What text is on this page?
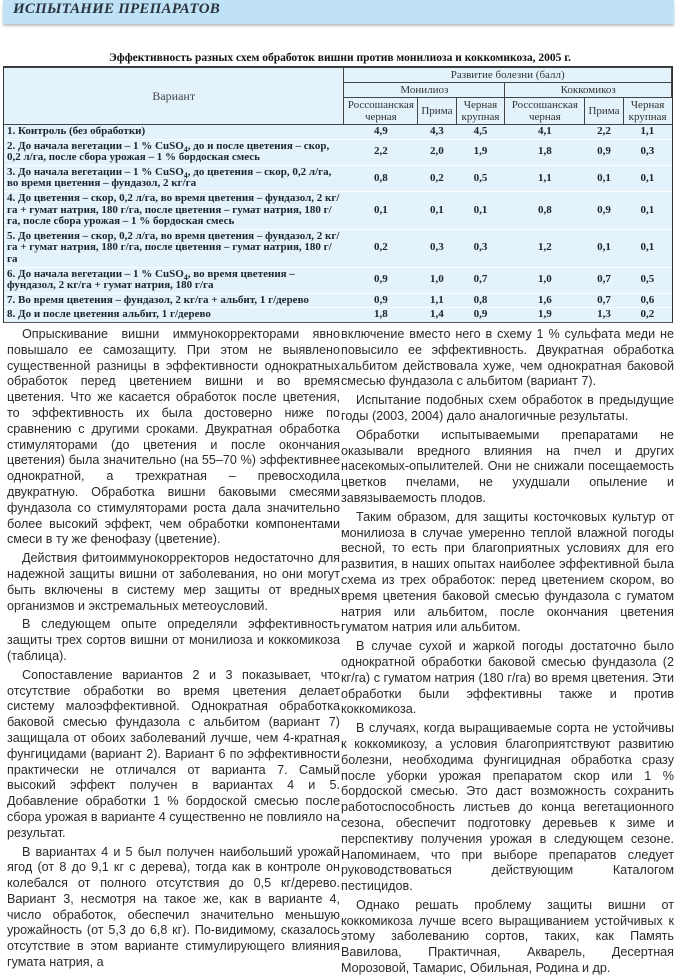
ИСПЫТАНИЕ ПРЕПАРАТОВ
Эффективность разных схем обработок вишни против монилиоза и коккомикоза, 2005 г.
Вариант	Развитие болезни (балл)					
	Монилиоз			Коккомикоз		
	Россошанская черная	Прима	Черная крупная	Россошанская черная	Прима	Черная крупная
1. Контроль (без обработки)	4,9	4,3	4,5	4,1	2,2	1,1
2. До начала вегетации – 1 % CuSO$_4$, до и после цветения – скор, 0,2 л/га, после сбора урожая – 1 % бордоская смесь	2,2	2,0	1,9	1,8	0,9	0,3
3. До начала вегетации – 1 % CuSO$_4$, до цветения – скор, 0,2 л/га, во время цветения – фундазол, 2 кг/га	0,8	0,2	0,5	1,1	0,1	0,1
4. До цветения – скор, 0,2 л/га, во время цветения – фундазол, 2 кг/га + гумат натрия, 180 г/га, после цветения – гумат натрия, 180 г/га, после сбора урожая – 1 % бордоская смесь	0,1	0,1	0,1	0,8	0,9	0,1
5. До цветения – скор, 0,2 л/га, во время цветения – фундазол, 2 кг/га + гумат натрия, 180 г/га, после цветения – гумат натрия, 180 г/га	0,2	0,3	0,3	1,2	0,1	0,1
6. До начала вегетации – 1 % CuSO$_4$, во время цветения – фундазол, 2 кг/га + гумат натрия, 180 г/га	0,9	1,0	0,7	1,0	0,7	0,5
7. Во время цветения – фундазол, 2 кг/га + альбит, 1 г/дерево	0,9	1,1	0,8	1,6	0,7	0,6
8. До и после цветения альбит, 1 г/дерево	1,8	1,4	0,9	1,9	1,3	0,2

Опрыскивание вишни иммунокорректорами явно повышало ее самозащиту. При этом не выявлено существенной разницы в эффективности однократных обработок перед цветением вишни и во время цветения. Что же касается обработок после цветения, то эффективность их была достоверно ниже по сравнению с другими сроками. Двукратная обработка стимуляторами (до цветения и после окончания цветения) была значительно (на 55–70 %) эффективнее однократной, а трехкратная – превосходила двукратную. Обработка вишни баковыми смесями фундазола со стимуляторами роста дала значительно более высокий эффект, чем обработки компонентами смеси в ту же фенофазу (цветение).

Действия фитоиммунокорректоров недостаточно для надежной защиты вишни от заболевания, но они могут быть включены в систему мер защиты от вредных организмов и экстремальных метеоусловий.

В следующем опыте определяли эффективность защиты трех сортов вишни от монилиоза и коккомикоза (таблица).

Сопоставление вариантов 2 и 3 показывает, что отсутствие обработки во время цветения делает систему малоэффективной. Однократная обработка баковой смесью фундазола с альбитом (вариант 7) защищала от обоих заболеваний лучше, чем 4-кратная фунгицидами (вариант 2). Вариант 6 по эффективности практически не отличался от варианта 7. Самый высокий эффект получен в вариантах 4 и 5. Добавление обработки 1 % бордоской смесью после сбора урожая в варианте 4 существенно не повлияло на результат.

В вариантах 4 и 5 был получен наибольший урожай ягод (от 8 до 9,1 кг с дерева), тогда как в контроле он колебался от полного отсутствия до 0,5 кг/дерево. Вариант 3, несмотря на такое же, как в варианте 4, число обработок, обеспечил значительно меньшую урожайность (от 5,3 до 6,8 кг). По-видимому, сказалось отсутствие в этом варианте стимулирующего влияния гумата натрия, а

включение вместо него в схему 1 % сульфата меди не повысило ее эффективность. Двукратная обработка альбитом действовала хуже, чем однократная баковой смесью фундазола с альбитом (вариант 7).

Испытание подобных схем обработок в предыдущие годы (2003, 2004) дало аналогичные результаты.

Обработки испытываемыми препаратами не оказывали вредного влияния на пчел и других насекомых-опылителей. Они не снижали посещаемость цветков пчелами, не ухудшали опыление и завязываемость плодов.

Таким образом, для защиты косточковых культур от монилиоза в случае умеренно теплой влажной погоды весной, то есть при благоприятных условиях для его развития, в наших опытах наиболее эффективной была схема из трех обработок: перед цветением скором, во время цветения баковой смесью фундазола с гуматом натрия или альбитом, после окончания цветения гуматом натрия или альбитом.

В случае сухой и жаркой погоды достаточно было однократной обработки баковой смесью фундазола (2 кг/га) с гуматом натрия (180 г/га) во время цветения. Эти обработки были эффективны также и против коккомикоза.

В случаях, когда выращиваемые сорта не устойчивы к коккомикозу, а условия благоприятствуют развитию болезни, необходима фунгицидная обработка сразу после уборки урожая препаратом скор или 1 % бордоской смесью. Это даст возможность сохранить работоспособность листьев до конца вегетационного сезона, обеспечит подготовку деревьев к зиме и перспективу получения урожая в следующем сезоне. Напоминаем, что при выборе препаратов следует руководствоваться действующим Каталогом пестицидов.

Однако решать проблему защиты вишни от коккомикоза лучше всего выращиванием устойчивых к этому заболеванию сортов, таких, как Память Вавилова, Практичная, Акварель, Десертная Морозовой, Тамарис, Обильная, Родина и др.
